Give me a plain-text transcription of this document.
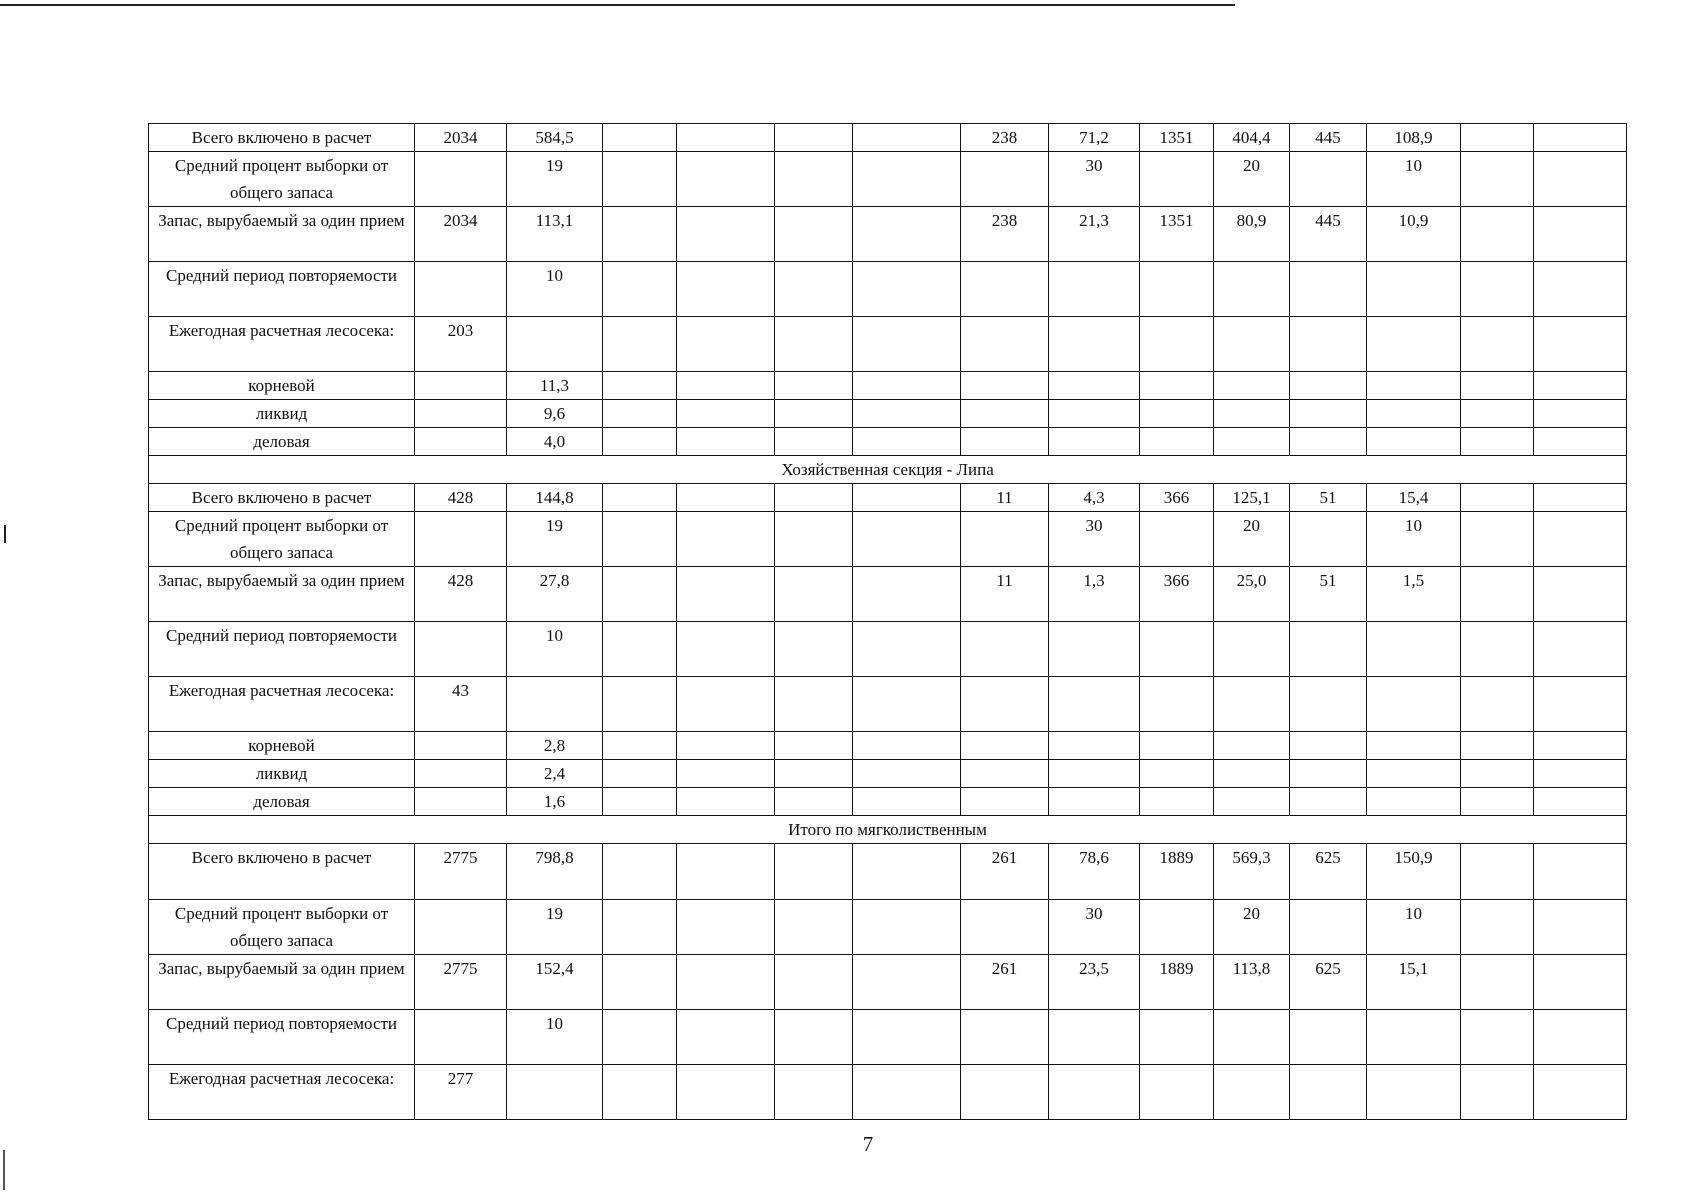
Всего включено в расчет	2034	584,5					238	71,2	1351	404,4	445	108,9		
Средний процент выборки от общего запаса		19						30		20		10		
Запас, вырубаемый за один прием	2034	113,1					238	21,3	1351	80,9	445	10,9		
Средний период повторяемости		10												
Ежегодная расчетная лесосека:	203													
корневой		11,3												
ликвид		9,6												
деловая		4,0												
Хозяйственная секция - Липа														
Всего включено в расчет	428	144,8					11	4,3	366	125,1	51	15,4		
Средний процент выборки от общего запаса		19						30		20		10		
Запас, вырубаемый за один прием	428	27,8					11	1,3	366	25,0	51	1,5		
Средний период повторяемости		10												
Ежегодная расчетная лесосека:	43													
корневой		2,8												
ликвид		2,4												
деловая		1,6												
Итого по мягколиственным														
Всего включено в расчет	2775	798,8					261	78,6	1889	569,3	625	150,9		
Средний процент выборки от общего запаса		19						30		20		10		
Запас, вырубаемый за один прием	2775	152,4					261	23,5	1889	113,8	625	15,1		
Средний период повторяемости		10												
Ежегодная расчетная лесосека:	277													
7
